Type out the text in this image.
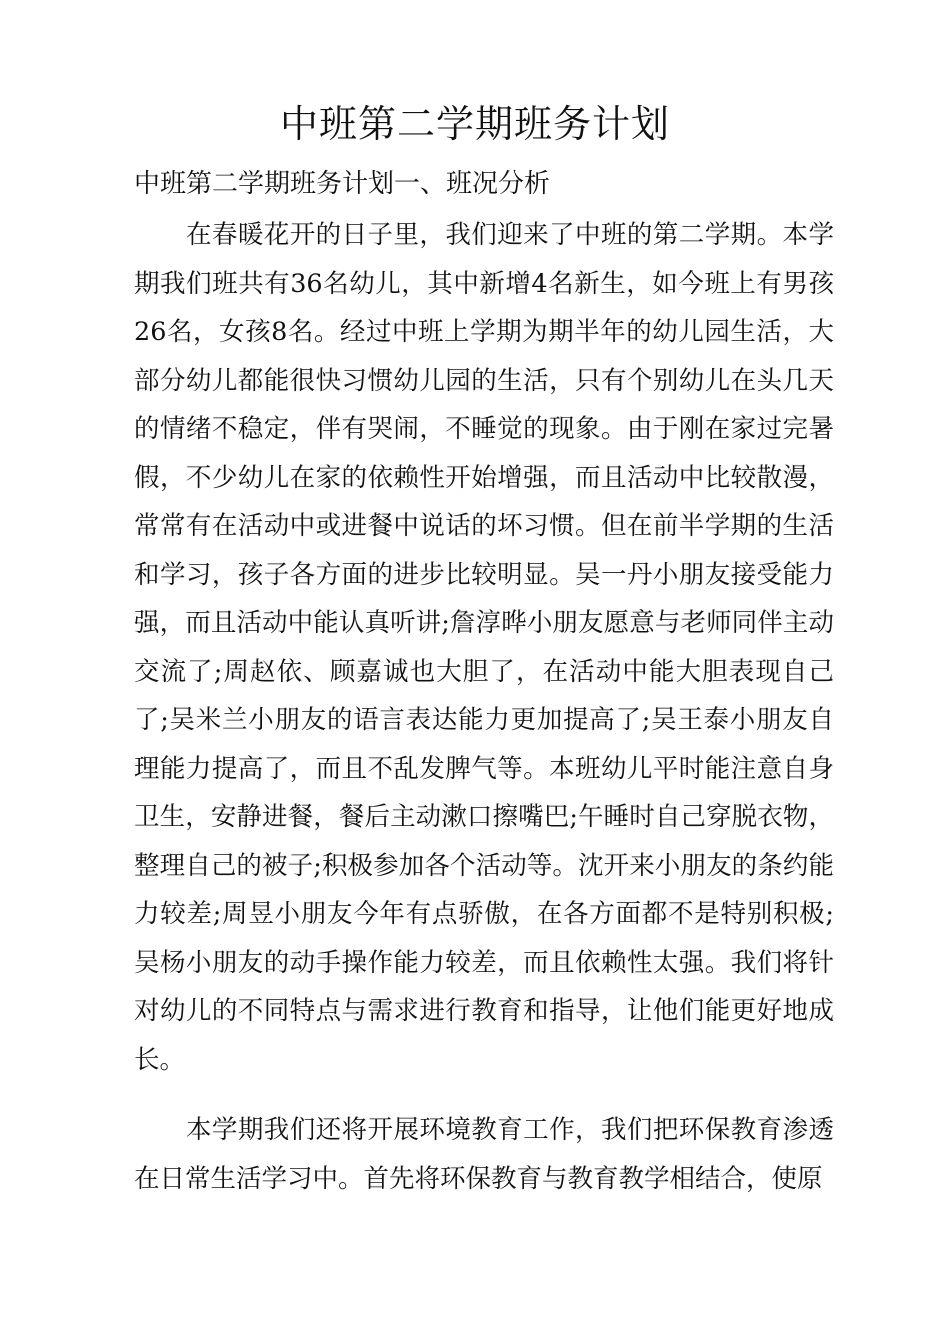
中班第二学期班务计划

中班第二学期班务计划一、班况分析

在春暖花开的日子里，我们迎来了中班的第二学期。本学期我们班共有36名幼儿，其中新增4名新生，如今班上有男孩26名，女孩8名。经过中班上学期为期半年的幼儿园生活，大部分幼儿都能很快习惯幼儿园的生活，只有个别幼儿在头几天的情绪不稳定，伴有哭闹，不睡觉的现象。由于刚在家过完暑假，不少幼儿在家的依赖性开始增强，而且活动中比较散漫，常常有在活动中或进餐中说话的坏习惯。但在前半学期的生活和学习，孩子各方面的进步比较明显。吴一丹小朋友接受能力强，而且活动中能认真听讲;詹淳晔小朋友愿意与老师同伴主动交流了;周赵依、顾嘉诚也大胆了，在活动中能大胆表现自己了;吴米兰小朋友的语言表达能力更加提高了;吴王泰小朋友自理能力提高了，而且不乱发脾气等。本班幼儿平时能注意自身卫生，安静进餐，餐后主动漱口擦嘴巴;午睡时自己穿脱衣物，整理自己的被子;积极参加各个活动等。沈开来小朋友的条约能力较差;周昱小朋友今年有点骄傲，在各方面都不是特别积极;吴杨小朋友的动手操作能力较差，而且依赖性太强。我们将针对幼儿的不同特点与需求进行教育和指导，让他们能更好地成长。

本学期我们还将开展环境教育工作，我们把环保教育渗透在日常生活学习中。首先将环保教育与教育教学相结合，使原
